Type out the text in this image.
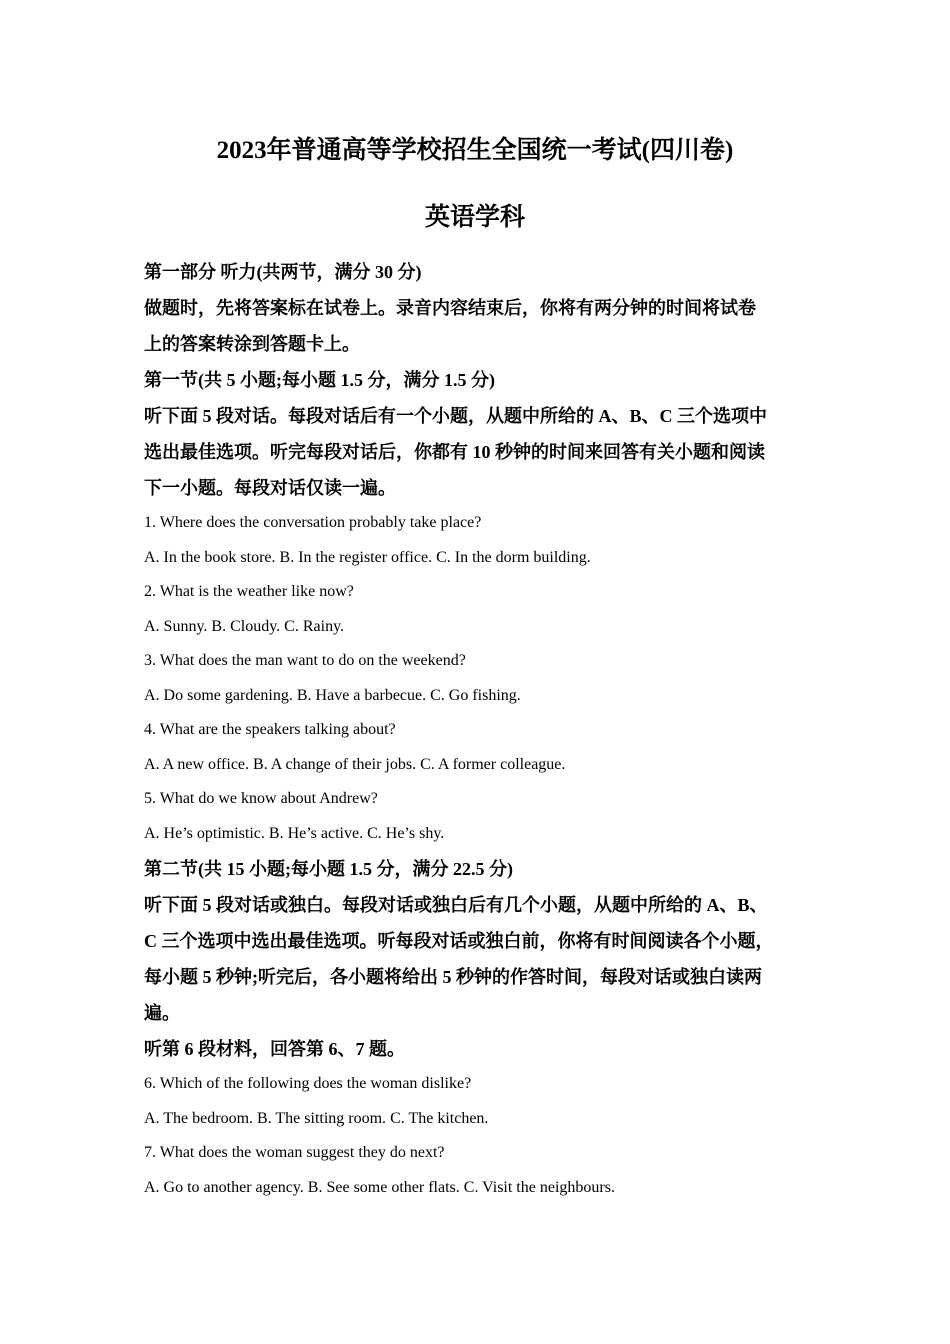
2023年普通高等学校招生全国统一考试(四川卷)
英语学科

第一部分 听力(共两节，满分 30 分)

做题时，先将答案标在试卷上。录音内容结束后，你将有两分钟的时间将试卷

上的答案转涂到答题卡上。

第一节(共 5 小题;每小题 1.5 分，满分 1.5 分)

听下面 5 段对话。每段对话后有一个小题，从题中所给的 A、B、C 三个选项中

选出最佳选项。听完每段对话后，你都有 10 秒钟的时间来回答有关小题和阅读

下一小题。每段对话仅读一遍。

1. Where does the conversation probably take place?

A. In the book store. B. In the register office. C. In the dorm building.

2. What is the weather like now?

A. Sunny. B. Cloudy. C. Rainy.

3. What does the man want to do on the weekend?

A. Do some gardening. B. Have a barbecue. C. Go fishing.

4. What are the speakers talking about?

A. A new office. B. A change of their jobs. C. A former colleague.

5. What do we know about Andrew?

A. He’s optimistic. B. He’s active. C. He’s shy.

第二节(共 15 小题;每小题 1.5 分，满分 22.5 分)

听下面 5 段对话或独白。每段对话或独白后有几个小题，从题中所给的 A、B、

C 三个选项中选出最佳选项。听每段对话或独白前，你将有时间阅读各个小题，

每小题 5 秒钟;听完后，各小题将给出 5 秒钟的作答时间，每段对话或独白读两

遍。

听第 6 段材料，回答第 6、7 题。

6. Which of the following does the woman dislike?

A. The bedroom. B. The sitting room. C. The kitchen.

7. What does the woman suggest they do next?

A. Go to another agency. B. See some other flats. C. Visit the neighbours.
